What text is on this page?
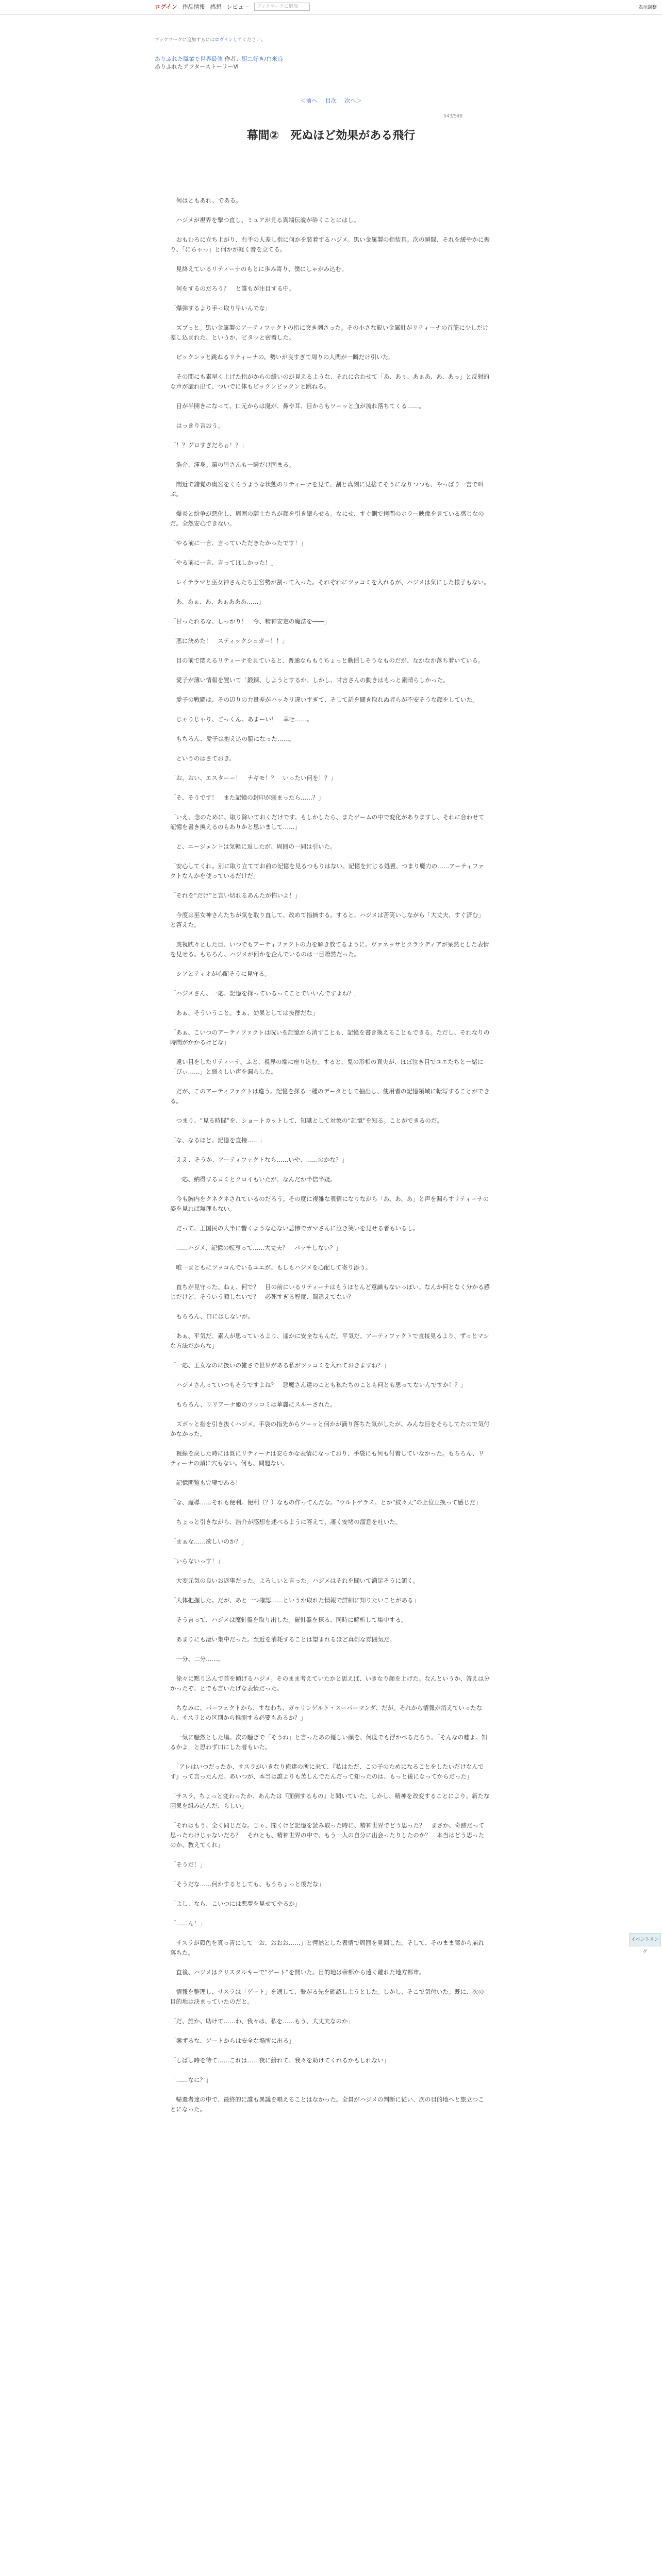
ログイン 作品情報 感想 レビュー	ブックマークに追加	表示調整
ブックマークに追加するにはログインしてください。
ありふれた職業で世界最強 作者：厨二好き/白米良
ありふれたアフターストーリーⅥ
＜前へ 目次 次へ＞
543/548
幕間②　死ぬほど効果がある飛行

　何はともあれ、である。

　ハジメが視界を撃つ直し、ミュアが見る異端伝説が砕くことにはし。

　おもむろに立ち上がり、右手の人差し指に何かを装着するハジメ。黒い金属製の指装具。次の瞬間、それを緩やかに振り、「にちゃっ」と何かが軽く音を立てる。

　見終えているリティーナのもとに歩み寄り、僕にしゃがみ込む。

　何をするのだろう？　と誰もが注目する中。

「爆弾するより手っ取り早いんでな」

　ズブっと。黒い金属製のアーティファクトの指に突き刺さった。その小さな鋭い金属針がリティーナの首筋に少しだけ差し込まれた、というか、ピタッと密着した。

　ビックンッと跳ねるリティーナの。勢いが良すぎて周りの人間が一瞬だけ引いた。

　その間にも素早く上げた指がからの緩いのが見えるような、それに合わせて「あ、あぅ、あぁあ、あ、あっ」と反射的な声が漏れ出て、ついでに体もビックンビックンと跳ねる。

　目が半開きになって、口元からは涎が、鼻や耳、目からもツーッと血が流れ落ちてくる……。

　はっきり言おう。

「！？グロすぎだろぉ！？」

　浩介、渾身。第の皆さんも一瞬だけ固まる。

　間近で錯覚の奥宮をくらうような状態のリティーナを見て、割と真剣に見捨てそうになりつつも、やっぱり一言で叫ぶ。

　爆炎と紛争が悪化し、周囲の騎士たちが顔を引き攣らせる。なにせ、すぐ側で拷問のホラー映像を見ている感じなのだ。全然安心できない。

「やる前に一言、言っていただきたかったです！」

「やる前に一言、言ってほしかった！」

　レイテラマと巫女神さんたち王宮勢が割って入った。それぞれにツッコミを入れるが、ハジメは気にした様子もない。

「あ、あぁ、あ、あぁあああ……」

「甘ったれるな、しっかり！　今、精神安定の魔法を――」

「悪に決めた！　スティックシュガー！！」

　目の前で悶えるリティーナを見ていると、普通ならもうちょっと動揺しそうなものだが、なかなか落ち着いている。

　愛子が薄い情報を置いて「鍛錬、しようとするか。しかし、甘言さんの動きはもっと素晴らしかった。

　愛子の戦闘は、その辺りの力量差がハッキリ違いすぎて、そして話を聞き取れぬ者らが不安そうな顔をしていた。

　じゃりじゃり、ごっくん。あまーい！　幸せ……。

　もちろん、愛子は抱え込の脇になった……。

　というのはさておき。

「お、おい、エスターー！　ナギモ！？　いったい何を！？」

「そ、そうです！　また記憶の封印が弱まったら……？」

「いえ、念のために、取り除いておくだけです。もしかしたら、またゲームの中で変化がありますし、それに合わせて記憶を書き換えるのもありかと思いまして……」

　と、エージェントは気軽に返したが、周囲の一同は引いた。

「安心してくれ。別に取り立ててお前の記憶を見るつもりはない。記憶を封じる処置、つまり魔力の……アーティファクトなんかを使っているだけだ」

「それを“だけ”と言い切れるあんたが怖いよ！」

　今度は巫女神さんたちが気を取り直して、改めて指摘する。すると、ハジメは苦笑いしながら「大丈夫、すぐ済む」と答えた。

　虎視眈々とした目、いつでもアーティファクトの力を解き放てるように。ヴァネッサとクラウディアが呆然とした表情を見せる。もちろん、ハジメが何かを企んでいるのは一目瞭然だった。

　シアとティオが心配そうに見守る。

「ハジメさん、一応、記憶を探っているってことでいいんですよね？」

「あぁ、そういうこと。まぁ、効果としては抜群だな」

「あぁ、こいつのアーティファクトは呪いを記憶から消すことも、記憶を書き換えることもできる。ただし、それなりの時間がかかるけどな」

　遠い目をしたリティーナ。ふと、視界の端に座り込む。すると、鬼の形相の真央が、ほぼ泣き目でユエたちと一緒に「ぴぃ……」と弱々しい声を漏らした。

　だが、このアーティファクトは違う。記憶を探る一種のデータとして抽出し、使用者の記憶領域に転写することができる。

　つまり、“見る時間”を、ショートカットして、知識として対象の“記憶”を知る。ことができるのだ。

「な、なるほど。記憶を直接……」

「ええ、そうか、アーティファクトなら……いや、……のかな？」

　一応、納得するヨミとクロイもいたが、なんだか半信半疑。

　今も胸内をクネクネされているのだろう。その度に複雑な表情になりながら「あ、あ、あ」と声を漏らすリティーナの姿を見れば無理もない。

　だって、王国民の大半に響くような心ない悲惨でガマさんに泣き笑いを見せる者もいるし。

「……ハジメ、記憶の転写って……大丈夫？　パッチしない？」

　唯一まともにツッコんでいるユエが、もしもハジメを心配して寄り添う。

　直ちが見守った。ねぇ、何で？　目の前にいるリティーナはもうほとんど意識もないっぽい。なんか何となく分かる感じだけど、そういう顔しないで？　必死すぎる程度、間違えてない？

　もちろん、口にはしないが。

「あぁ、平気だ。素人が思っているより、遥かに安全なもんだ。平気だ。アーティファクトで直接見るより、ずっとマシな方法だからな」

「一応、王女なのに扱いの雑さで世界がある私がツッコミを入れておきますね？」

「ハジメさんっていつもそうですよね？　悪魔さん達のことも私たちのことも何とも思ってないんですか！？」

　もちろん、リリアーナ姫のツッコミは華麗にスルーされた。

　ズボッと指を引き抜くハジメ。手袋の指先からツーッと何かが滴り落ちた気がしたが、みんな目をそらしてたので気付かなかった。

　視線を戻した時には既にリティーナは安らかな表情になっており、手袋にも何も付着していなかった。もちろん、リティーナの頭に穴もない。何も、問題ない。

　記憶閲覧も完璧である！

「な、魔導……それも便利。便利（？）なもの作ってんだな。“ウルトゲラス。とか“紋々天”の上位互換って感じだ」

　ちょっと引きながら、浩介が感想を述べるように答えて、凄く安堵の溜息を吐いた。

「まぁな……欲しいのか？」

「いらないっす！」

　大変元気の良いお返事だった。よろしいと言った。ハジメはそれを聞いて満足そうに頷く。

「大体把握した。だが、あと一つ確認……というか取れた情報で詳細に知りたいことがある」

　そう言って、ハジメは魔針盤を取り出した。羅針盤を探る、同時に解析して集中する。

　あまりにも凄い集中だった。至近を消耗することは望まれるほど真剣な雰囲気だ。

　一分、二分……。

　徐々に黙り込んで首を傾げるハジメ。そのまま考えていたかと思えば、いきなり顔を上げた。なんというか、答えは分かったぞ、とでも言いたげな表情だった。

「ちなみに、パーフェクトから、すなわち、ガゥリンゲルト・スーパーマンダ、だが。それから情報が消えていったなら、サスラとの区別から推測する必要もあるか？」

　一気に騒然とした場。次の騒ぎで「そうね」と言ったあの優しい顔を、何度でも浮かべるだろう。「そんなの嘘よ。知るかよ」と思わず口にした者もいた。

　「アレはいつだったか、サスラがいきなり俺達の所に来て、『私はただ、この子のためになることをしたいだけなんです』って言ったんだ。あいつが、本当は誰よりも苦しんでたんだって知ったのは、もっと後になってからだった」

「サスラ、ちょっと変わったか、あんたは『面倒するもの』と聞いていた。しかし、精神を改変することにより、新たな因果を組み込んだ、らしい」

「それはもう、全く同じだな。じゃ、聞くけど記憶を読み取った時に、精神世界でどう思った？　まさか、奇跡だって思ったわけじゃないだろ？　それとも、精神世界の中で、もう一人の自分に出会ったりしたのか？　本当はどう思ったのか、教えてくれ」

「そうだ！」

「そうだな……何かするとしても、もうちょっと後だな」

「よし、なら、こいつには悪夢を見せてやるか」

「……ん！」

　サスラが顔色を真っ青にして「お、おおお……」と愕然とした表情で周囲を見回した。そして、そのまま膝から崩れ落ちた。

　直後、ハジメはクリスタルキーで“ゲート”を開いた。目的地は帝都から遠く離れた地方都市。

　情報を整理し、サスラは「ゲート」を通して、繋がる先を確認しようとした。しかし、そこで気付いた。既に、次の目的地は決まっていたのだと。

「だ、誰か、助けて……わ、我々は、私を……もう、大丈夫なのか」

「案ずるな、ゲートからは安全な場所に出る」

「しばし時を待て……これは……夜に紛れて、我々を助けてくれるかもしれない」

「……なに？」

　帰還者達の中で、最終的に誰も異議を唱えることはなかった。全員がハジメの判断に従い、次の目的地へと旅立つことになった。

イベントリング
